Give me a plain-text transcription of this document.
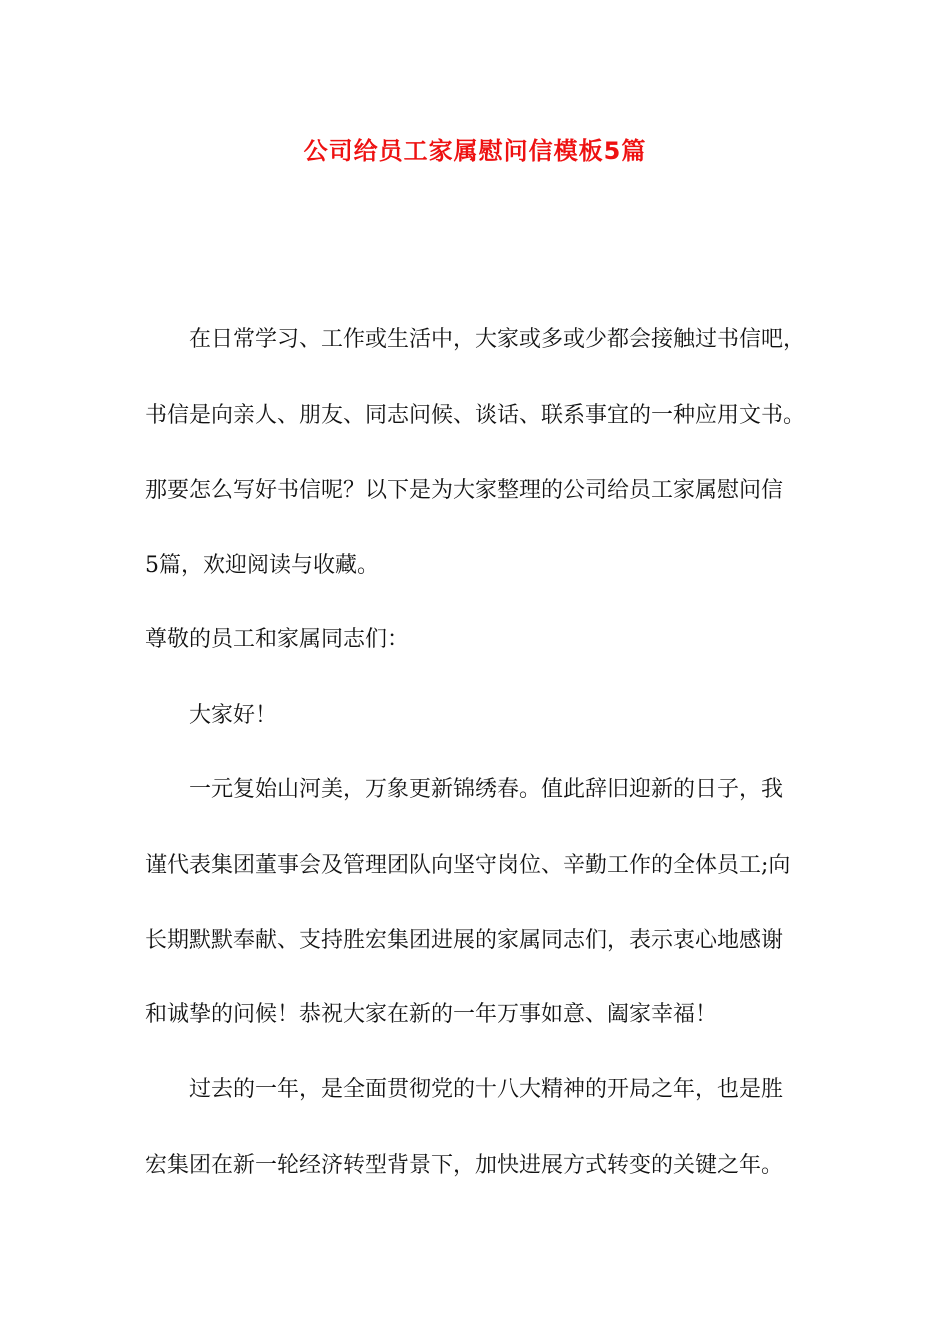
公司给员工家属慰问信模板5篇
在日常学习、工作或生活中，大家或多或少都会接触过书信吧，
书信是向亲人、朋友、同志问候、谈话、联系事宜的一种应用文书。
那要怎么写好书信呢？以下是为大家整理的公司给员工家属慰问信
5篇，欢迎阅读与收藏。
尊敬的员工和家属同志们：
大家好！
一元复始山河美，万象更新锦绣春。值此辞旧迎新的日子，我
谨代表集团董事会及管理团队向坚守岗位、辛勤工作的全体员工;向
长期默默奉献、支持胜宏集团进展的家属同志们，表示衷心地感谢
和诚挚的问候！恭祝大家在新的一年万事如意、阖家幸福！
过去的一年，是全面贯彻党的十八大精神的开局之年，也是胜
宏集团在新一轮经济转型背景下，加快进展方式转变的关键之年。
